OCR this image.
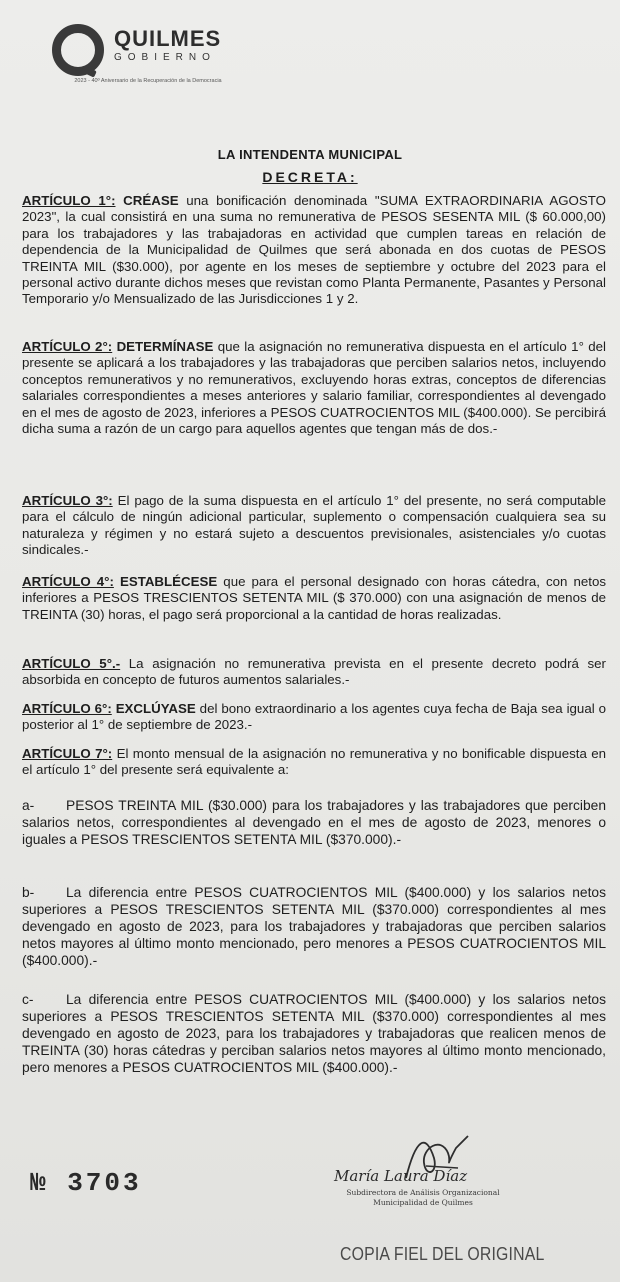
QUILMES
GOBIERNO
2023 - 40º Aniversario de la Recuperación de la Democracia
LA INTENDENTA MUNICIPAL
DECRETA:
ARTÍCULO 1°: CRÉASE una bonificación denominada "SUMA EXTRAORDINARIA AGOSTO 2023", la cual consistirá en una suma no remunerativa de PESOS SESENTA MIL ($ 60.000,00) para los trabajadores y las trabajadoras en actividad que cumplen tareas en relación de dependencia de la Municipalidad de Quilmes que será abonada en dos cuotas de PESOS TREINTA MIL ($30.000), por agente en los meses de septiembre y octubre del 2023 para el personal activo durante dichos meses que revistan como Planta Permanente, Pasantes y Personal Temporario y/o Mensualizado de las Jurisdicciones 1 y 2.
ARTÍCULO 2°: DETERMÍNASE que la asignación no remunerativa dispuesta en el artículo 1° del presente se aplicará a los trabajadores y las trabajadoras que perciben salarios netos, incluyendo conceptos remunerativos y no remunerativos, excluyendo horas extras, conceptos de diferencias salariales correspondientes a meses anteriores y salario familiar, correspondientes al devengado en el mes de agosto de 2023, inferiores a PESOS CUATROCIENTOS MIL ($400.000). Se percibirá dicha suma a razón de un cargo para aquellos agentes que tengan más de dos.-
ARTÍCULO 3°: El pago de la suma dispuesta en el artículo 1° del presente, no será computable para el cálculo de ningún adicional particular, suplemento o compensación cualquiera sea su naturaleza y régimen y no estará sujeto a descuentos previsionales, asistenciales y/o cuotas sindicales.-
ARTÍCULO 4°: ESTABLÉCESE que para el personal designado con horas cátedra, con netos inferiores a PESOS TRESCIENTOS SETENTA MIL ($ 370.000) con una asignación de menos de TREINTA (30) horas, el pago será proporcional a la cantidad de horas realizadas.
ARTÍCULO 5°.- La asignación no remunerativa prevista en el presente decreto podrá ser absorbida en concepto de futuros aumentos salariales.-
ARTÍCULO 6°: EXCLÚYASE del bono extraordinario a los agentes cuya fecha de Baja sea igual o posterior al 1° de septiembre de 2023.-
ARTÍCULO 7°: El monto mensual de la asignación no remunerativa y no bonificable dispuesta en el artículo 1° del presente será equivalente a:
a- PESOS TREINTA MIL ($30.000) para los trabajadores y las trabajadores que perciben salarios netos, correspondientes al devengado en el mes de agosto de 2023, menores o iguales a PESOS TRESCIENTOS SETENTA MIL ($370.000).-
b- La diferencia entre PESOS CUATROCIENTOS MIL ($400.000) y los salarios netos superiores a PESOS TRESCIENTOS SETENTA MIL ($370.000) correspondientes al mes devengado en agosto de 2023, para los trabajadores y trabajadoras que perciben salarios netos mayores al último monto mencionado, pero menores a PESOS CUATROCIENTOS MIL ($400.000).-
c- La diferencia entre PESOS CUATROCIENTOS MIL ($400.000) y los salarios netos superiores a PESOS TRESCIENTOS SETENTA MIL ($370.000) correspondientes al mes devengado en agosto de 2023, para los trabajadores y trabajadoras que realicen menos de TREINTA (30) horas cátedras y perciban salarios netos mayores al último monto mencionado, pero menores a PESOS CUATROCIENTOS MIL ($400.000).-
№ 3703	María Laura Díaz
Subdirectora de Análisis Organizacional Municipalidad de Quilmes
COPIA FIEL DEL ORIGINAL
